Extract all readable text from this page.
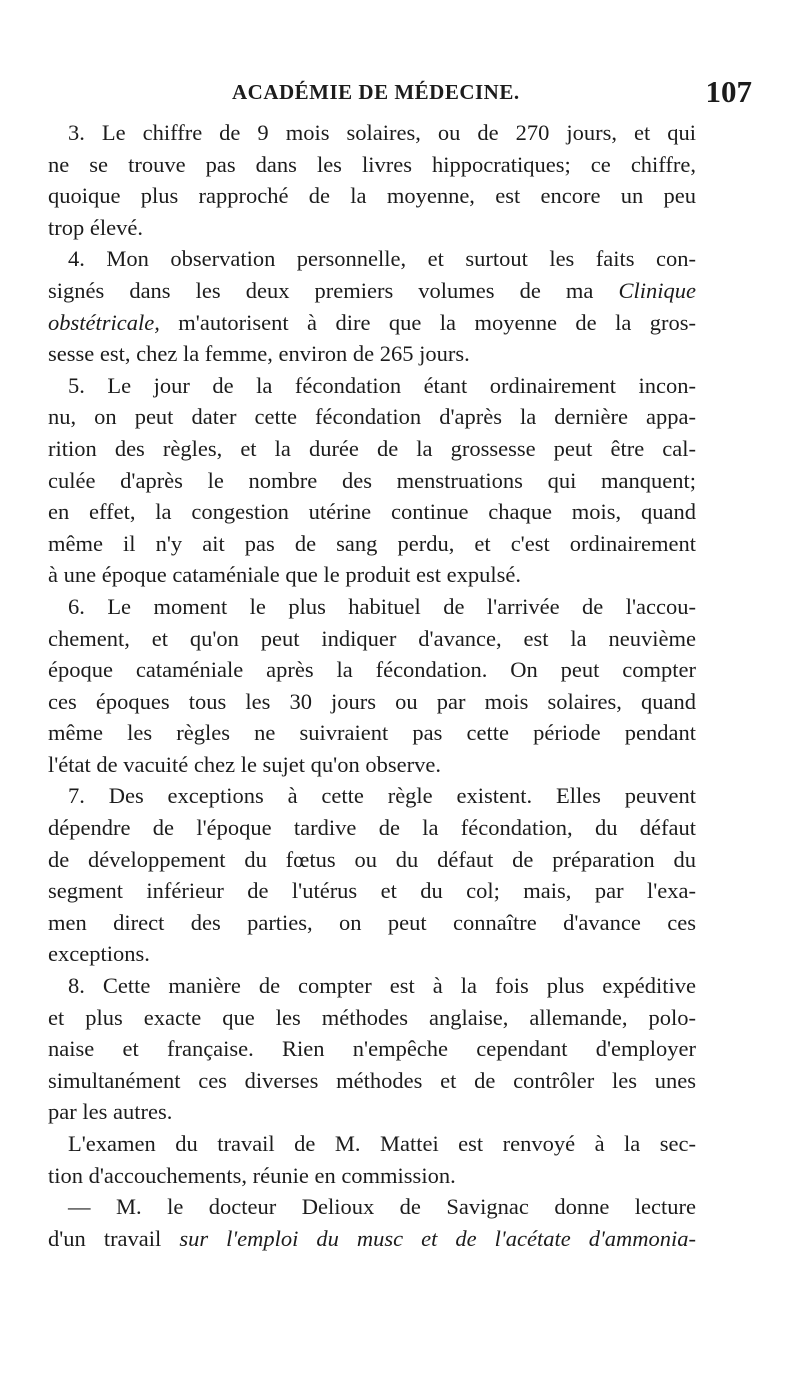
ACADÉMIE DE MÉDECINE.	107
3. Le chiffre de 9 mois solaires, ou de 270 jours, et qui
ne se trouve pas dans les livres hippocratiques; ce chiffre,
quoique plus rapproché de la moyenne, est encore un peu
trop élevé.
4. Mon observation personnelle, et surtout les faits con-
signés dans les deux premiers volumes de ma Clinique
obstétricale, m'autorisent à dire que la moyenne de la gros-
sesse est, chez la femme, environ de 265 jours.
5. Le jour de la fécondation étant ordinairement incon-
nu, on peut dater cette fécondation d'après la dernière appa-
rition des règles, et la durée de la grossesse peut être cal-
culée d'après le nombre des menstruations qui manquent;
en effet, la congestion utérine continue chaque mois, quand
même il n'y ait pas de sang perdu, et c'est ordinairement
à une époque cataméniale que le produit est expulsé.
6. Le moment le plus habituel de l'arrivée de l'accou-
chement, et qu'on peut indiquer d'avance, est la neuvième
époque cataméniale après la fécondation. On peut compter
ces époques tous les 30 jours ou par mois solaires, quand
même les règles ne suivraient pas cette période pendant
l'état de vacuité chez le sujet qu'on observe.
7. Des exceptions à cette règle existent. Elles peuvent
dépendre de l'époque tardive de la fécondation, du défaut
de développement du fœtus ou du défaut de préparation du
segment inférieur de l'utérus et du col; mais, par l'exa-
men direct des parties, on peut connaître d'avance ces
exceptions.
8. Cette manière de compter est à la fois plus expéditive
et plus exacte que les méthodes anglaise, allemande, polo-
naise et française. Rien n'empêche cependant d'employer
simultanément ces diverses méthodes et de contrôler les unes
par les autres.
L'examen du travail de M. Mattei est renvoyé à la sec-
tion d'accouchements, réunie en commission.
— M. le docteur Delioux de Savignac donne lecture
d'un travail sur l'emploi du musc et de l'acétate d'ammonia-
